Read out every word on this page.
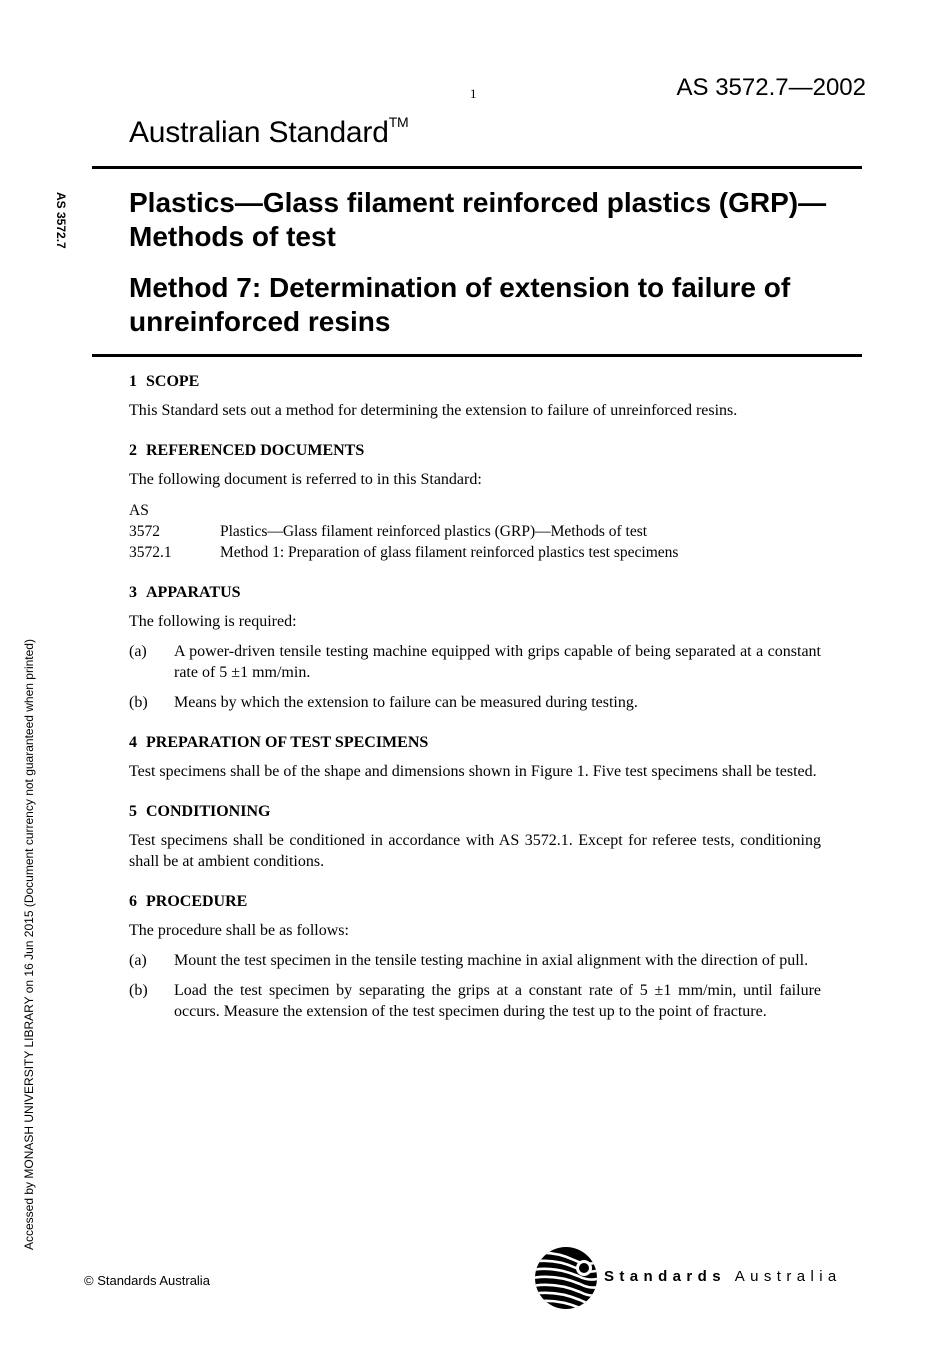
1	AS 3572.7—2002
Australian Standard™
Plastics—Glass filament reinforced plastics (GRP)—Methods of test
Method 7: Determination of extension to failure of unreinforced resins
AS 3572.7
Accessed by MONASH UNIVERSITY LIBRARY on 16 Jun 2015 (Document currency not guaranteed when printed)
1 SCOPE

This Standard sets out a method for determining the extension to failure of unreinforced resins.

2 REFERENCED DOCUMENTS

The following document is referred to in this Standard:

AS
3572	Plastics—Glass filament reinforced plastics (GRP)—Methods of test
3572.1	Method 1: Preparation of glass filament reinforced plastics test specimens
3 APPARATUS

The following is required:

(a)	A power-driven tensile testing machine equipped with grips capable of being separated at a constant rate of 5 ±1 mm/min.
(b)	Means by which the extension to failure can be measured during testing.
4 PREPARATION OF TEST SPECIMENS

Test specimens shall be of the shape and dimensions shown in Figure 1. Five test specimens shall be tested.

5 CONDITIONING

Test specimens shall be conditioned in accordance with AS 3572.1. Except for referee tests, conditioning shall be at ambient conditions.

6 PROCEDURE

The procedure shall be as follows:

(a)	Mount the test specimen in the tensile testing machine in axial alignment with the direction of pull.
(b)	Load the test specimen by separating the grips at a constant rate of 5 ±1 mm/min, until failure occurs. Measure the extension of the test specimen during the test up to the point of fracture.
© Standards Australia	Standards Australia
